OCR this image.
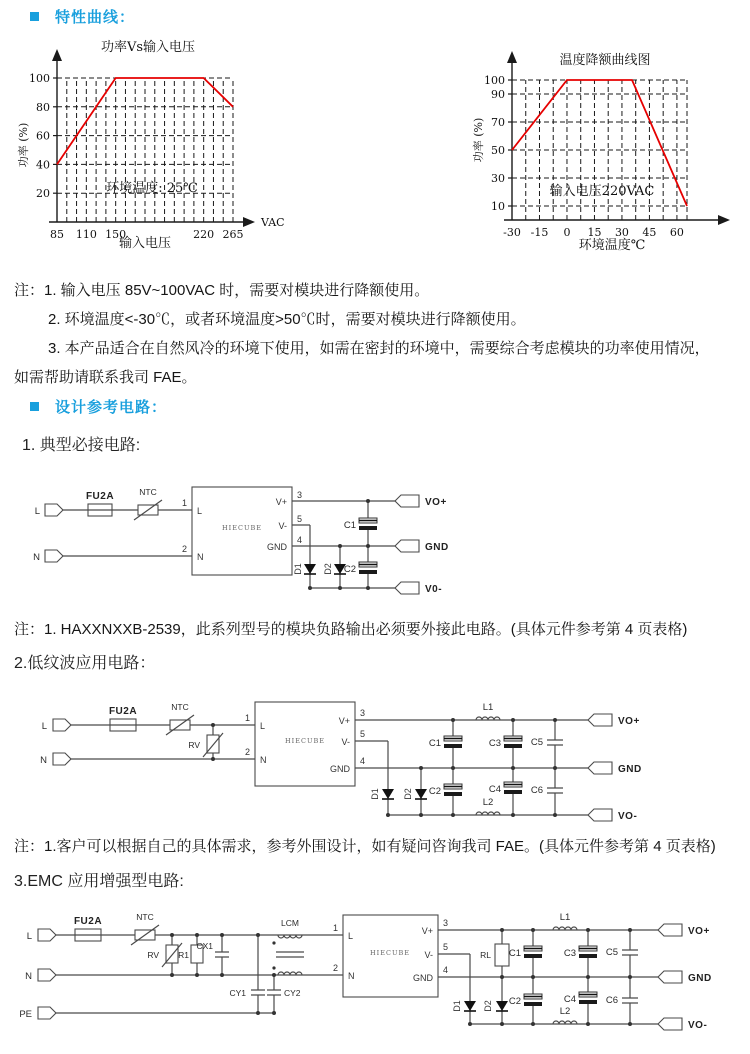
特性曲线：
20
40
60
80
100
85 110 150	220 265
功率Vs输入电压
环境温度: 25℃
输入电压
功率 (%)
VAC
10
30
50
70
90
100
-30 -15 0 15 30 45 60
温度降额曲线图
输入电压220VAC
环境温度℃
功率 (%)
注：1. 输入电压 85V~100VAC 时，需要对模块进行降额使用。
2. 环境温度<-30℃，或者环境温度>50℃时，需要对模块进行降额使用。
3. 本产品适合在自然风冷的环境下使用，如需在密封的环境中，需要综合考虑模块的功率使用情况，
如需帮助请联系我司 FAE。
设计参考电路：
1. 典型必接电路:
L
N
FU2A	NTC
HIECUBE
L
N
V+
V-
GND
1
2
3
5
4
D1 D2
C1
C2
VO+
GND
V0-
注：1. HAXXNXXB-2539，此系列型号的模块负路输出必须要外接此电路。(具体元件参考第 4 页表格)
2.低纹波应用电路：
L
N
FU2A	NTC
RV	HIECUBE
L
N
V+
V-
GND
1
2
3
5
4
L1
L2
D1	D2
C1
C2
C3
C4
C5
C6
VO+
GND
VO-
注：1.客户可以根据自己的具体需求，参考外围设计，如有疑问咨询我司 FAE。(具体元件参考第 4 页表格)
3.EMC 应用增强型电路:
L
N
PE
FU2A	NTC
RV R1
CX1
CY1	CY2
LCM
HIECUBE
L
N
V+
V-
GND
1
2
3
5
4
RL
D1 D2
C1
C2
L1
L2
C3
C4
C5
C6
VO+
GND
VO-
